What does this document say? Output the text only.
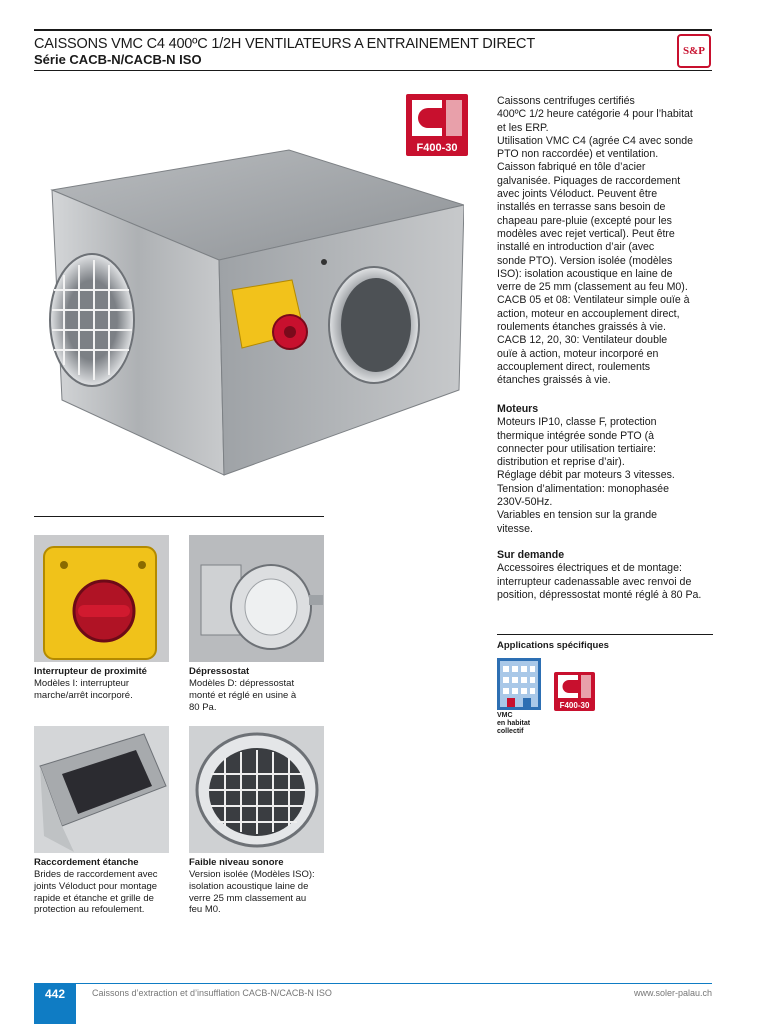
CAISSONS VMC C4 400ºC 1/2H VENTILATEURS A ENTRAINEMENT DIRECT
Série CACB-N/CACB-N ISO
S&P
F400-30
Caissons centrifuges certifiés
400ºC 1/2 heure catégorie 4 pour l’habitat
et les ERP.
Utilisation VMC C4 (agrée C4 avec sonde
PTO non raccordée) et ventilation.
Caisson fabriqué en tôle d’acier
galvanisée. Piquages de raccordement
avec joints Véloduct. Peuvent être
installés en terrasse sans besoin de
chapeau pare-pluie (excepté pour les
modèles avec rejet vertical). Peut être
installé en introduction d’air (avec
sonde PTO). Version isolée (modèles
ISO): isolation acoustique en laine de
verre de 25 mm (classement au feu M0).
CACB 05 et 08: Ventilateur simple ouïe à
action, moteur en accouplement direct,
roulements étanches graissés à vie.
CACB 12, 20, 30: Ventilateur double
ouïe à action, moteur incorporé en
accouplement direct, roulements
étanches graissés à vie.
Moteurs
Moteurs IP10, classe F, protection
thermique intégrée sonde PTO (à
connecter pour utilisation tertiaire:
distribution et reprise d’air).
Réglage débit par moteurs 3 vitesses.
Tension d’alimentation: monophasée
230V-50Hz.
Variables en tension sur la grande
vitesse.
Sur demande
Accessoires électriques et de montage:
interrupteur cadenassable avec renvoi de
position, dépressostat monté réglé à 80 Pa.
Applications spécifiques
VMC
en habitat
collectif
F400-30
Interrupteur de proximité
Modèles I: interrupteur
marche/arrêt incorporé.
Dépressostat
Modèles D: dépressostat
monté et réglé en usine à
80 Pa.
Raccordement étanche
Brides de raccordement avec
joints Véloduct pour montage
rapide et étanche et grille de
protection au refoulement.
Faible niveau sonore
Version isolée (Modèles ISO):
isolation acoustique laine de
verre 25 mm classement au
feu M0.
442	Caissons d’extraction et d’insufflation CACB-N/CACB-N ISO	www.soler-palau.ch
